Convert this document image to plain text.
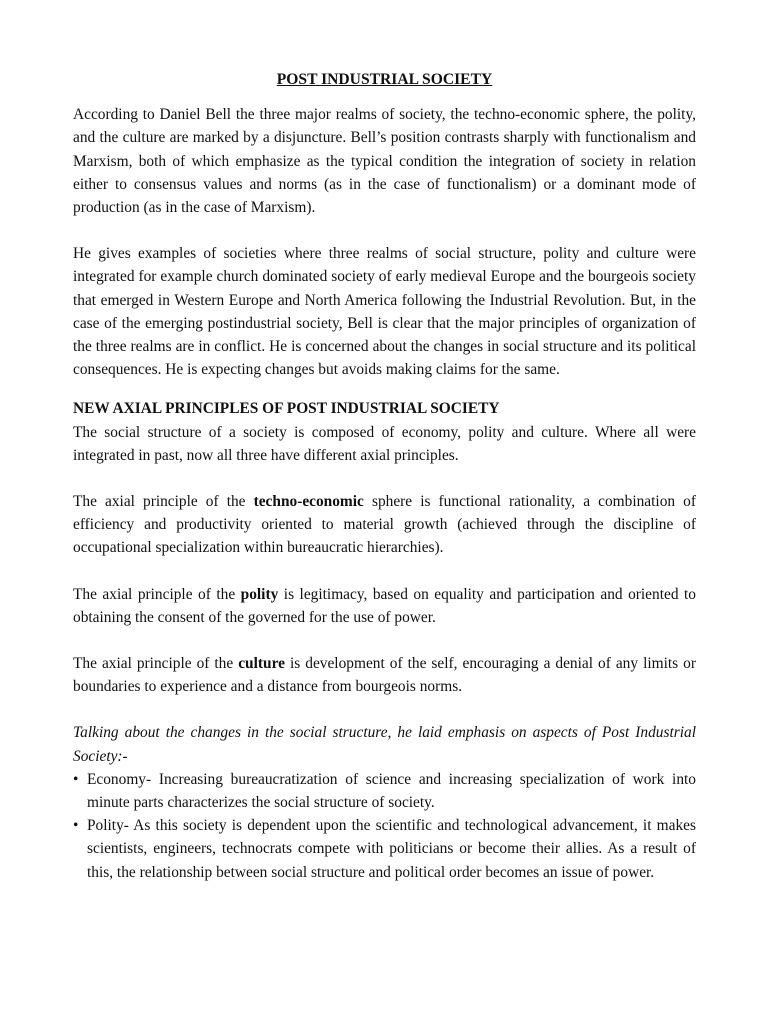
POST INDUSTRIAL SOCIETY

According to Daniel Bell the three major realms of society, the techno-economic sphere, the polity, and the culture are marked by a disjuncture. Bell’s position contrasts sharply with functionalism and Marxism, both of which emphasize as the typical condition the integration of society in relation either to consensus values and norms (as in the case of functionalism) or a dominant mode of production (as in the case of Marxism).

He gives examples of societies where three realms of social structure, polity and culture were integrated for example church dominated society of early medieval Europe and the bourgeois society that emerged in Western Europe and North America following the Industrial Revolution. But, in the case of the emerging postindustrial society, Bell is clear that the major principles of organization of the three realms are in conflict. He is concerned about the changes in social structure and its political consequences. He is expecting changes but avoids making claims for the same.

NEW AXIAL PRINCIPLES OF POST INDUSTRIAL SOCIETY

The social structure of a society is composed of economy, polity and culture. Where all were integrated in past, now all three have different axial principles.

The axial principle of the techno-economic sphere is functional rationality, a combination of efficiency and productivity oriented to material growth (achieved through the discipline of occupational specialization within bureaucratic hierarchies).

The axial principle of the polity is legitimacy, based on equality and participation and oriented to obtaining the consent of the governed for the use of power.

The axial principle of the culture is development of the self, encouraging a denial of any limits or boundaries to experience and a distance from bourgeois norms.

Talking about the changes in the social structure, he laid emphasis on aspects of Post Industrial Society:-

• Economy- Increasing bureaucratization of science and increasing specialization of work into minute parts characterizes the social structure of society.
• Polity- As this society is dependent upon the scientific and technological advancement, it makes scientists, engineers, technocrats compete with politicians or become their allies. As a result of this, the relationship between social structure and political order becomes an issue of power.
